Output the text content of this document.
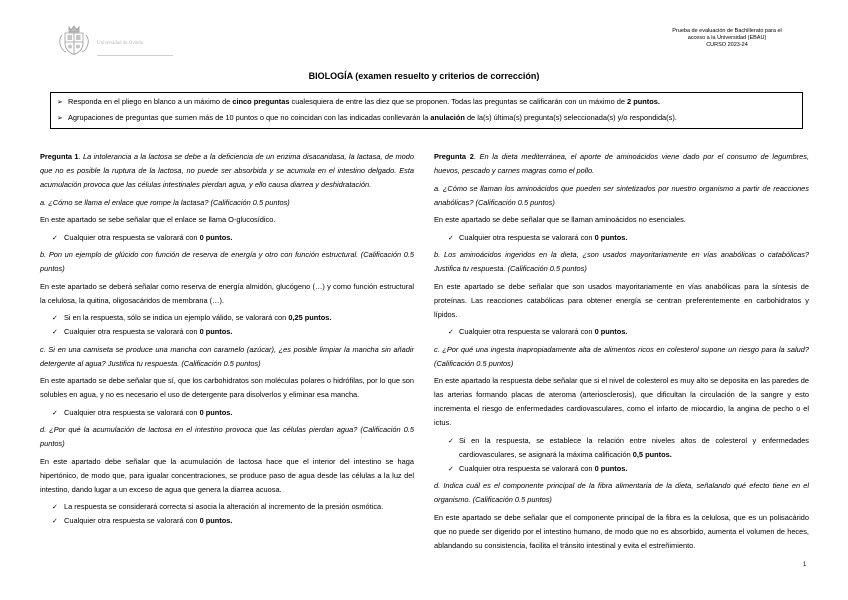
Universidad de Oviedo
Prueba de evaluación de Bachillerato para el
acceso a la Universidad (EBAU)
CURSO 2023-24
BIOLOGÍA (examen resuelto y criterios de corrección)
➢ Responda en el pliego en blanco a un máximo de cinco preguntas cualesquiera de entre las diez que se proponen. Todas las preguntas se calificarán con un máximo de 2 puntos.
➢ Agrupaciones de preguntas que sumen más de 10 puntos o que no coincidan con las indicadas conllevarán la anulación de la(s) última(s) pregunta(s) seleccionada(s) y/o respondida(s).

Pregunta 1. La intolerancia a la lactosa se debe a la deficiencia de un enzima disacaridasa, la lactasa, de modo que no es posible la ruptura de la lactosa, no puede ser absorbida y se acumula en el intestino delgado. Esta acumulación provoca que las células intestinales pierdan agua, y ello causa diarrea y deshidratación.

a. ¿Cómo se llama el enlace que rompe la lactasa? (Calificación 0.5 puntos)

En este apartado se sebe señalar que el enlace se llama O-glucosídico.

✓ Cualquier otra respuesta se valorará con 0 puntos.

b. Pon un ejemplo de glúcido con función de reserva de energía y otro con función estructural. (Calificación 0.5 puntos)

En este apartado se deberá señalar como reserva de energía almidón, glucógeno (…) y como función estructural la celulosa, la quitina, oligosacáridos de membrana (…).

✓ Si en la respuesta, sólo se indica un ejemplo válido, se valorará con 0,25 puntos.
✓ Cualquier otra respuesta se valorará con 0 puntos.

c. Si en una camiseta se produce una mancha con caramelo (azúcar), ¿es posible limpiar la mancha sin añadir detergente al agua? Justifica tu respuesta. (Calificación 0.5 puntos)

En este apartado se debe señalar que sí, que los carbohidratos son moléculas polares o hidrófilas, por lo que son solubles en agua, y no es necesario el uso de detergente para disolverlos y eliminar esa mancha.

✓ Cualquier otra respuesta se valorará con 0 puntos.

d. ¿Por qué la acumulación de lactosa en el intestino provoca que las células pierdan agua? (Calificación 0.5 puntos)

En este apartado debe señalar que la acumulación de lactosa hace que el interior del intestino se haga hipertónico, de modo que, para igualar concentraciones, se produce paso de agua desde las células a la luz del intestino, dando lugar a un exceso de agua que genera la diarrea acuosa.

✓ La respuesta se considerará correcta si asocia la alteración al incremento de la presión osmótica.
✓ Cualquier otra respuesta se valorará con 0 puntos.

Pregunta 2. En la dieta mediterránea, el aporte de aminoácidos viene dado por el consumo de legumbres, huevos, pescado y carnes magras como el pollo.

a. ¿Cómo se llaman los aminoácidos que pueden ser sintetizados por nuestro organismo a partir de reacciones anabólicas? (Calificación 0.5 puntos)

En este apartado se debe señalar que se llaman aminoácidos no esenciales.

✓ Cualquier otra respuesta se valorará con 0 puntos.

b. Los aminoácidos ingeridos en la dieta, ¿son usados mayoritariamente en vías anabólicas o catabólicas? Justifica tu respuesta. (Calificación 0.5 puntos)

En este apartado se debe señalar que son usados mayoritariamente en vías anabólicas para la síntesis de proteínas. Las reacciones catabólicas para obtener energía se centran preferentemente en carbohidratos y lípidos.

✓ Cualquier otra respuesta se valorará con 0 puntos.

c. ¿Por qué una ingesta inapropiadamente alta de alimentos ricos en colesterol supone un riesgo para la salud? (Calificación 0.5 puntos)

En este apartado la respuesta debe señalar que si el nivel de colesterol es muy alto se deposita en las paredes de las arterias formando placas de ateroma (arteriosclerosis), que dificultan la circulación de la sangre y esto incrementa el riesgo de enfermedades cardiovasculares, como el infarto de miocardio, la angina de pecho o el ictus.

✓ Si en la respuesta, se establece la relación entre niveles altos de colesterol y enfermedades cardiovasculares, se asignará la máxima calificación 0,5 puntos.
✓ Cualquier otra respuesta se valorará con 0 puntos.

d. Indica cuál es el componente principal de la fibra alimentaria de la dieta, señalando qué efecto tiene en el organismo. (Calificación 0.5 puntos)

En este apartado se debe señalar que el componente principal de la fibra es la celulosa, que es un polisacárido que no puede ser digerido por el intestino humano, de modo que no es absorbido, aumenta el volumen de heces, ablandando su consistencia, facilita el tránsito intestinal y evita el estreñimiento.

1
